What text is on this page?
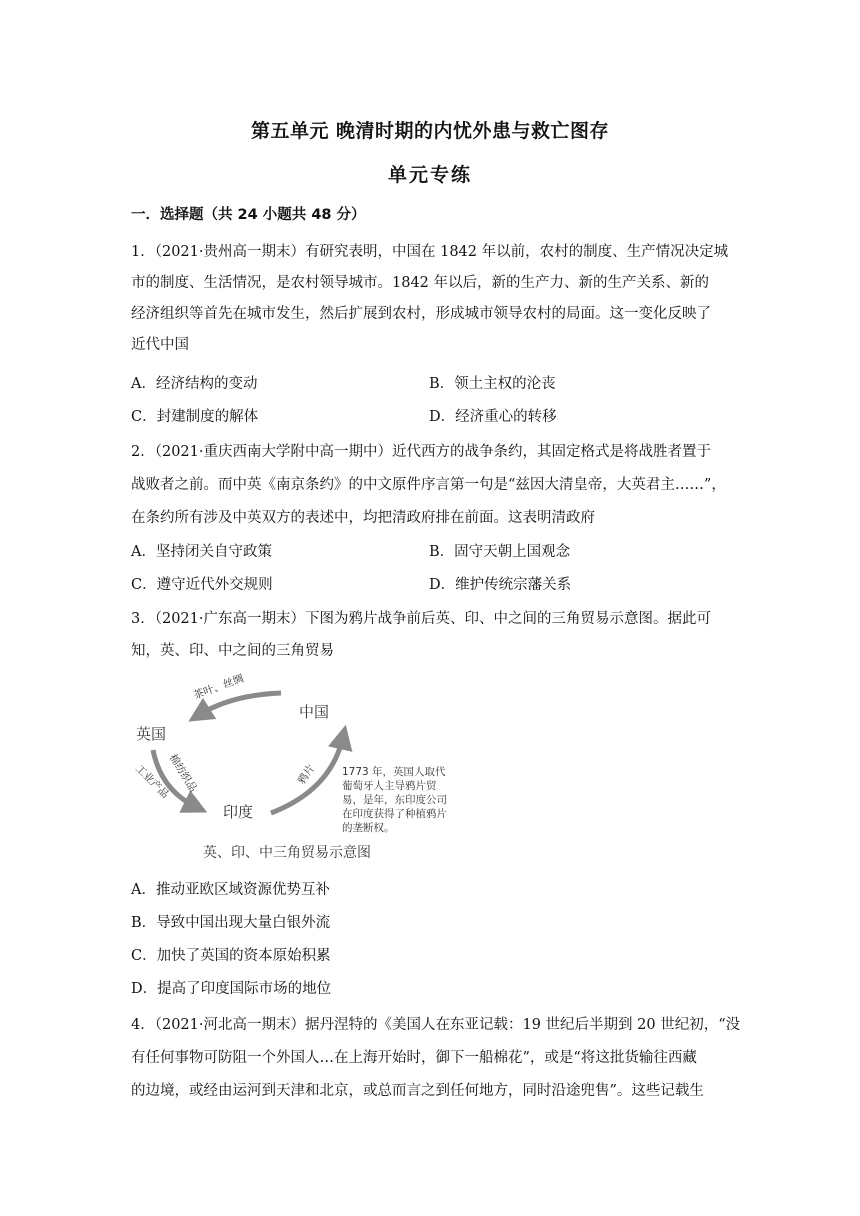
第五单元 晚清时期的内忧外患与救亡图存
单元专练
一．选择题（共 24 小题共 48 分）
1．（2021·贵州高一期末）有研究表明，中国在 1842 年以前，农村的制度、生产情况决定城
市的制度、生活情况，是农村领导城市。1842 年以后，新的生产力、新的生产关系、新的
经济组织等首先在城市发生，然后扩展到农村，形成城市领导农村的局面。这一变化反映了
近代中国
A．经济结构的变动	B．领土主权的沦丧
C．封建制度的解体	D．经济重心的转移
2．（2021·重庆西南大学附中高一期中）近代西方的战争条约，其固定格式是将战胜者置于
战败者之前。而中英《南京条约》的中文原件序言第一句是“兹因大清皇帝，大英君主……”，
在条约所有涉及中英双方的表述中，均把清政府排在前面。这表明清政府
A．坚持闭关自守政策	B．固守天朝上国观念
C．遵守近代外交规则	D．维护传统宗藩关系
3．（2021·广东高一期末）下图为鸦片战争前后英、印、中之间的三角贸易示意图。据此可
知，英、印、中之间的三角贸易
茶叶、丝绸
棉纺织品
工业产品	鸦片
中国
英国
印度
1773 年，英国人取代
葡萄牙人主导鸦片贸
易，是年，东印度公司
在印度获得了种植鸦片
的垄断权。
英、印、中三角贸易示意图
A．推动亚欧区域资源优势互补
B．导致中国出现大量白银外流
C．加快了英国的资本原始积累
D．提高了印度国际市场的地位
4．（2021·河北高一期末）据丹涅特的《美国人在东亚记载：19 世纪后半期到 20 世纪初，“没
有任何事物可防阻一个外国人…在上海开始时，御下一船棉花”，或是“将这批货输往西藏
的边境，或经由运河到天津和北京，或总而言之到任何地方，同时沿途兜售”。这些记载生
